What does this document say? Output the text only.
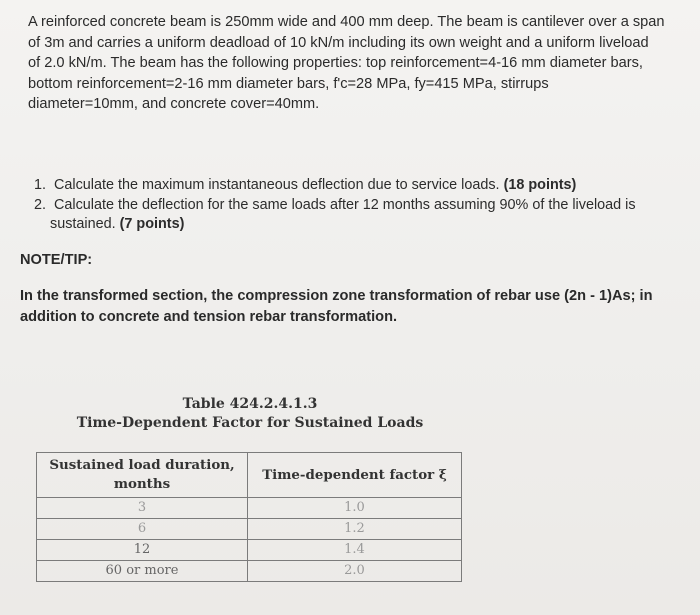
A reinforced concrete beam is 250mm wide and 400 mm deep. The beam is cantilever over a span
of 3m and carries a uniform deadload of 10 kN/m including its own weight and a uniform liveload
of 2.0 kN/m. The beam has the following properties: top reinforcement=4-16 mm diameter bars,
bottom reinforcement=2-16 mm diameter bars, f'c=28 MPa, fy=415 MPa, stirrups
diameter=10mm, and concrete cover=40mm.
1. Calculate the maximum instantaneous deflection due to service loads. (18 points)
2. Calculate the deflection for the same loads after 12 months assuming 90% of the liveload is
sustained. (7 points)
NOTE/TIP:
In the transformed section, the compression zone transformation of rebar use (2n - 1)As; in
addition to concrete and tension rebar transformation.
Table 424.2.4.1.3
Time-Dependent Factor for Sustained Loads
Sustained load duration,
months	Time-dependent factor ξ
3	1.0
6	1.2
12	1.4
60 or more	2.0
